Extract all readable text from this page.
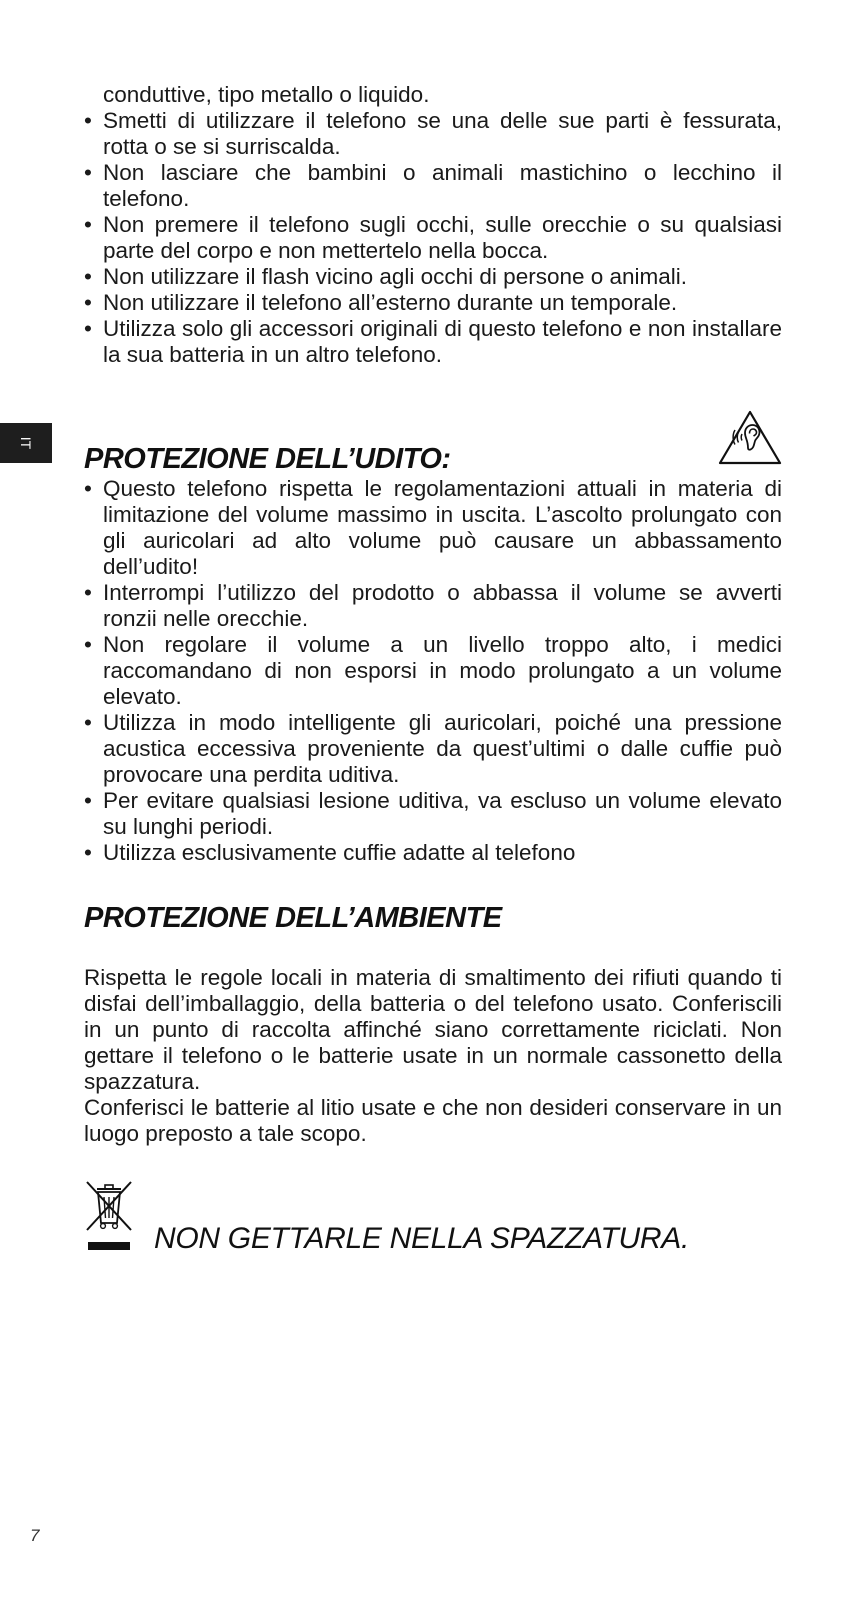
IT
conduttive, tipo metallo o liquido.
• Smetti di utilizzare il telefono se una delle sue parti è fessurata, rotta o se si surriscalda.
• Non lasciare che bambini o animali mastichino o lecchino il telefono.
• Non premere il telefono sugli occhi, sulle orecchie o su qualsiasi parte del corpo e non mettertelo nella bocca.
• Non utilizzare il flash vicino agli occhi di persone o animali.
• Non utilizzare il telefono all’esterno durante un temporale.
• Utilizza solo gli accessori originali di questo telefono e non installare la sua batteria in un altro telefono.
PROTEZIONE DELL’UDITO:
• Questo telefono rispetta le regolamentazioni attuali in materia di limitazione del volume massimo in uscita. L’ascolto prolungato con gli auricolari ad alto volume può causare un abbassamento dell’udito!
• Interrompi l’utilizzo del prodotto o abbassa il volume se avverti ronzii nelle orecchie.
• Non regolare il volume a un livello troppo alto, i medici raccomandano di non esporsi in modo prolungato a un volume elevato.
• Utilizza in modo intelligente gli auricolari, poiché una pressione acustica eccessiva proveniente da quest’ultimi o dalle cuffie può provocare una perdita uditiva.
• Per evitare qualsiasi lesione uditiva, va escluso un volume elevato su lunghi periodi.
• Utilizza esclusivamente cuffie adatte al telefono
PROTEZIONE DELL’AMBIENTE

Rispetta le regole locali in materia di smaltimento dei rifiuti quando ti disfai dell’imballaggio, della batteria o del telefono usato. Conferiscili in un punto di raccolta affinché siano correttamente riciclati. Non gettare il telefono o le batterie usate in un normale cassonetto della spazzatura.

Conferisci le batterie al litio usate e che non desideri conservare in un luogo preposto a tale scopo.

NON GETTARLE NELLA SPAZZATURA.
7
